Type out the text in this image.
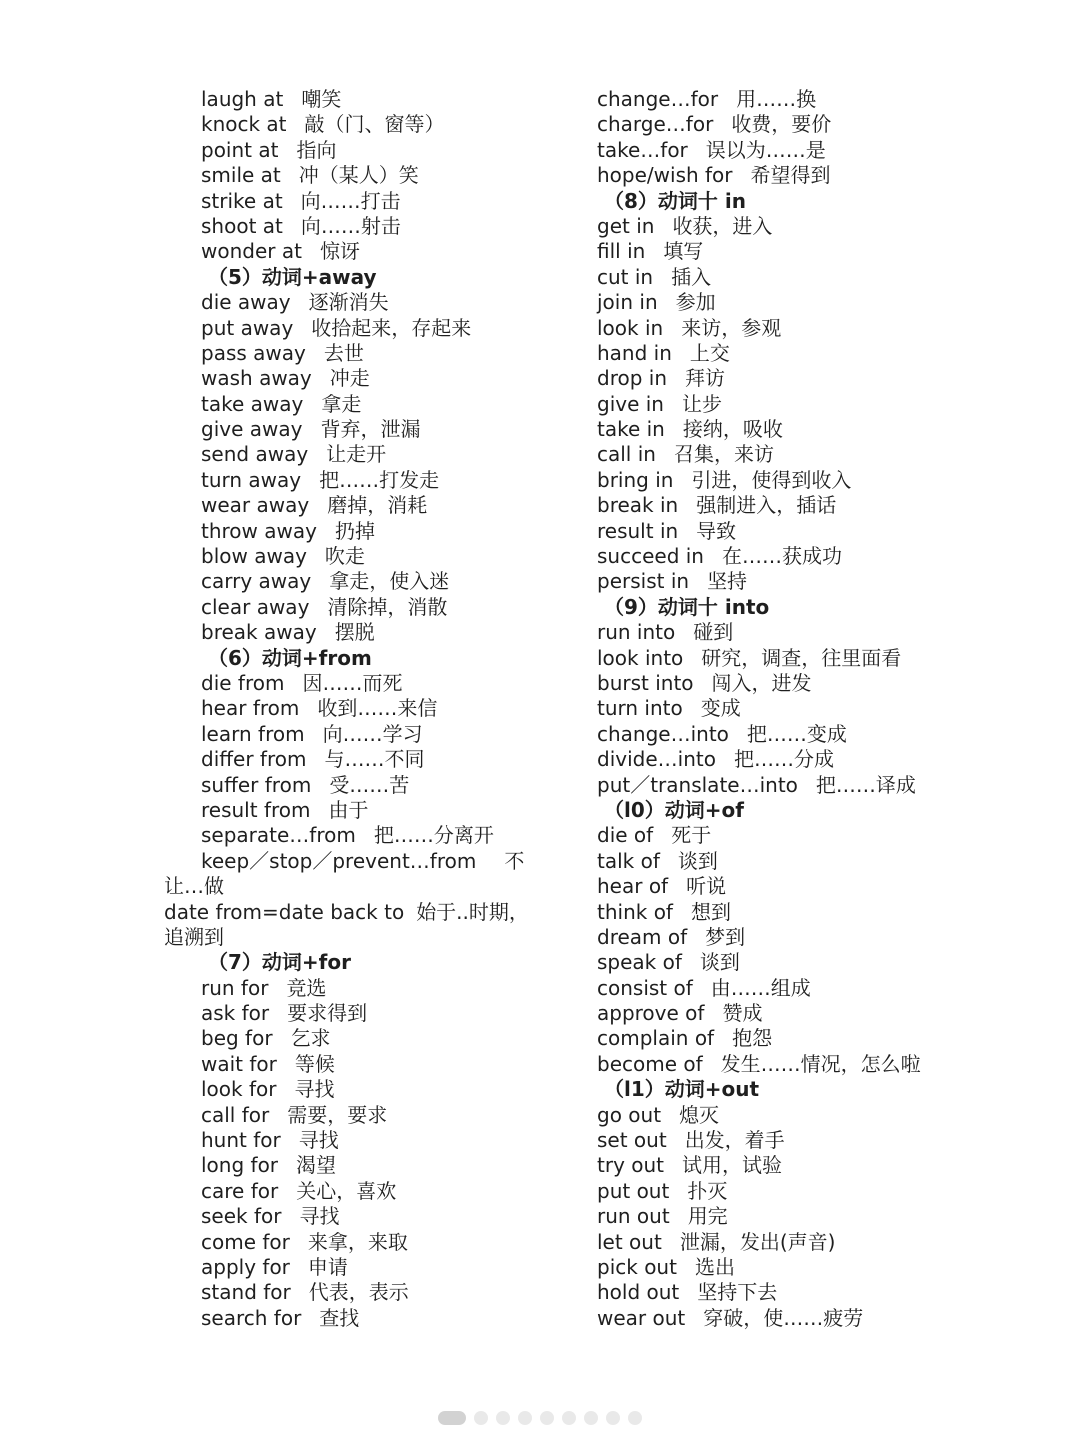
laugh at 嘲笑
knock at 敲（门、窗等）
point at 指向
smile at 冲（某人）笑
strike at 向……打击
shoot at 向……射击
wonder at 惊讶
（5）动词+away
die away 逐渐消失
put away 收拾起来，存起来
pass away 去世
wash away 冲走
take away 拿走
give away 背弃，泄漏
send away 让走开
turn away 把……打发走
wear away 磨掉，消耗
throw away 扔掉
blow away 吹走
carry away 拿走，使入迷
clear away 清除掉，消散
break away 摆脱
（6）动词+from
die from 因……而死
hear from 收到……来信
learn from 向……学习
differ from 与……不同
suffer from 受……苦
result from 由于
separate…from 把……分离开
keep／stop／prevent…from 不
让…做
date from=date back to 始于..时期，
追溯到
（7）动词+for
run for 竞选
ask for 要求得到
beg for 乞求
wait for 等候
look for 寻找
call for 需要，要求
hunt for 寻找
long for 渴望
care for 关心，喜欢
seek for 寻找
come for 来拿，来取
apply for 申请
stand for 代表，表示
search for 查找
change…for 用……换
charge…for 收费，要价
take…for 误以为……是
hope/wish for 希望得到
（8）动词十 in
get in 收获，进入
fill in 填写
cut in 插入
join in 参加
look in 来访，参观
hand in 上交
drop in 拜访
give in 让步
take in 接纳，吸收
call in 召集，来访
bring in 引进，使得到收入
break in 强制进入，插话
result in 导致
succeed in 在……获成功
persist in 坚持
（9）动词十 into
run into 碰到
look into 研究，调查，往里面看
burst into 闯入，进发
turn into 变成
change…into 把……变成
divide…into 把……分成
put／translate…into 把……译成
（l0）动词+of
die of 死于
talk of 谈到
hear of 听说
think of 想到
dream of 梦到
speak of 谈到
consist of 由……组成
approve of 赞成
complain of 抱怨
become of 发生……情况，怎么啦
（l1）动词+out
go out 熄灭
set out 出发，着手
try out 试用，试验
put out 扑灭
run out 用完
let out 泄漏，发出(声音)
pick out 选出
hold out 坚持下去
wear out 穿破，使……疲劳
